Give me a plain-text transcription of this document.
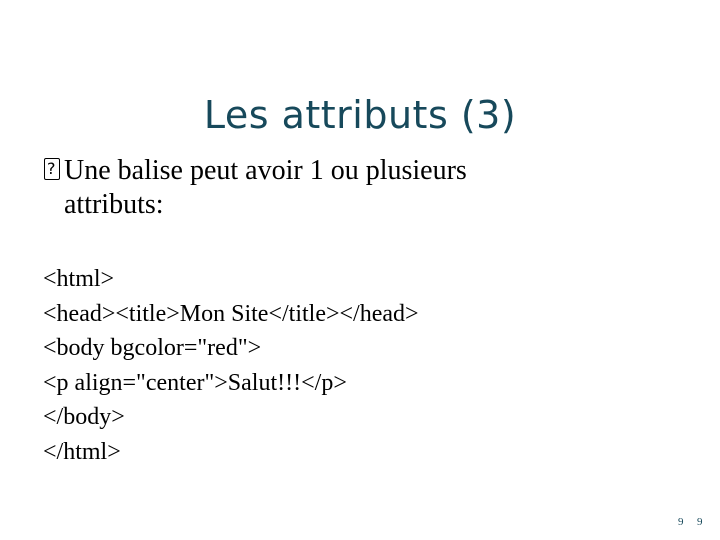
Les attributs (3)
?
Une balise peut avoir 1 ou plusieurs
attributs:
<html>
<head><title>Mon Site</title></head>
<body bgcolor="red">
<p align="center">Salut!!!</p>
</body>
</html>
9 9
